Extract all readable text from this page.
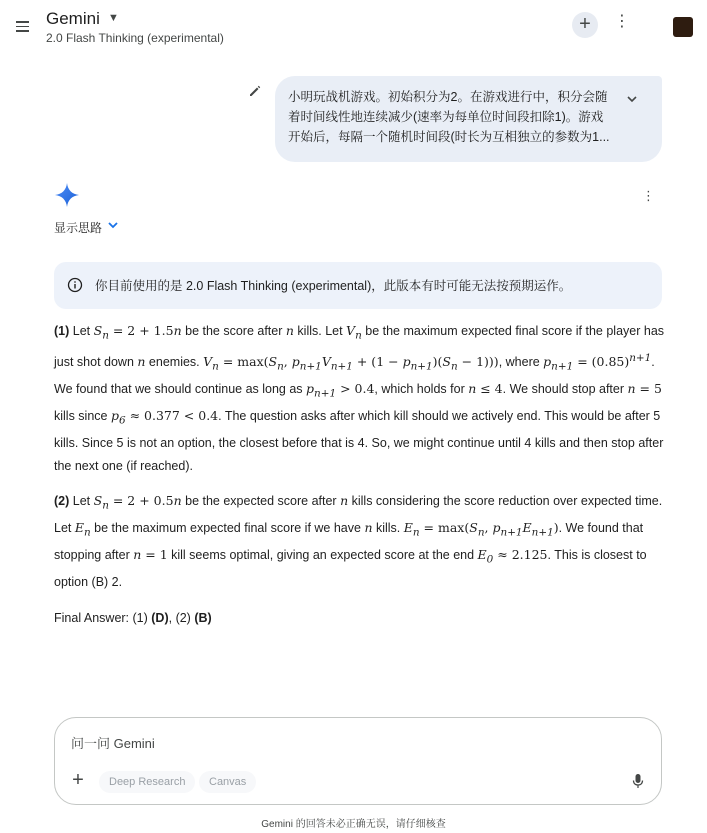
Gemini ▼
2.0 Flash Thinking (experimental)
+	⋮
小明玩战机游戏。初始积分为2。在游戏进行中，积分会随
着时间线性地连续减少(速率为每单位时间段扣除1)。游戏
开始后，每隔一个随机时间段(时长为互相独立的参数为1...
⋮
显示思路
你目前使用的是 2.0 Flash Thinking (experimental)，此版本有时可能无法按预期运作。

(1) Let $S_n = 2 + 1.5n$ be the score after n kills. Let $V_n$ be the maximum expected final score if the player has just shot down n enemies. $V_n = \max(S_n$, $p_{n+1}V_{n+1} + (1 - p_{n+1})(S_n - 1)$)), where $p_{n+1} = (0.85)^{n+1}$. We found that we should continue as long as $p_{n+1} > 0.4$, which holds for n ≤ 4. We should stop after n = 5 kills since $p_6 \approx 0.377 < 0.4$. The question asks after which kill should we actively end. This would be after 5 kills. Since 5 is not an option, the closest before that is 4. So, we might continue until 4 kills and then stop after the next one (if reached).

(2) Let $S_n = 2 + 0.5n$ be the expected score after n kills considering the score reduction over expected time. Let $E_n$ be the maximum expected final score if we have n kills. $E_n = \max(S_n$, $p_{n+1}E_{n+1}$). We found that stopping after n = 1 kill seems optimal, giving an expected score at the end $E_0 \approx 2.125$. This is closest to option (B) 2.

Final Answer: (1) (D), (2) (B)

问一问 Gemini
+	Deep Research	Canvas
Gemini 的回答未必正确无误，请仔细核查
